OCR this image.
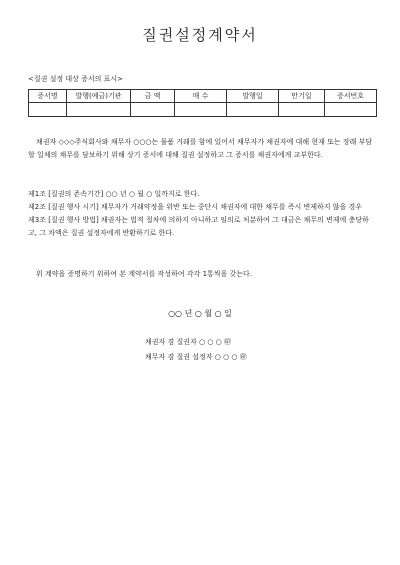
질권설정계약서
<질권 설정 대상 증서의 표시>
증서명	발행(예금)기관	금 액	매 수	발행일	만기일	증서번호

채권자 ◇◇◇주식회사와 채무자 ○○○는 물품 거래를 함에 있어서 채무자가 채권자에 대해 현재 또는 장래 부담할 일체의 채무를 담보하기 위해 상기 증서에 대해 질권 설정하고 그 증서를 채권자에게 교부한다.
제1조 [질권의 존속기간] ○○ 년 ○ 월 ○ 일까지로 한다.
제2조 [질권 행사 시기] 채무자가 거래약정을 위반 또는 중단시 채권자에 대한 채무를 즉시 변제하지 않을 경우
제3조 [질권 행사 방법] 채권자는 법적 절차에 의하지 아니하고 임의로 처분하여 그 대금은 채무의 변제에 충당하고, 그 차액은 질권 설정자에게 반환하기로 한다.
위 계약을 증명하기 위하여 본 계약서를 작성하여 각각 1통씩을 갖는다.
○○ 년 ○ 월 ○ 일
채권자 겸 질권자 ○ ○ ○ ㊞
채무자 겸 질권 설정자 ○ ○ ○ ㊞
